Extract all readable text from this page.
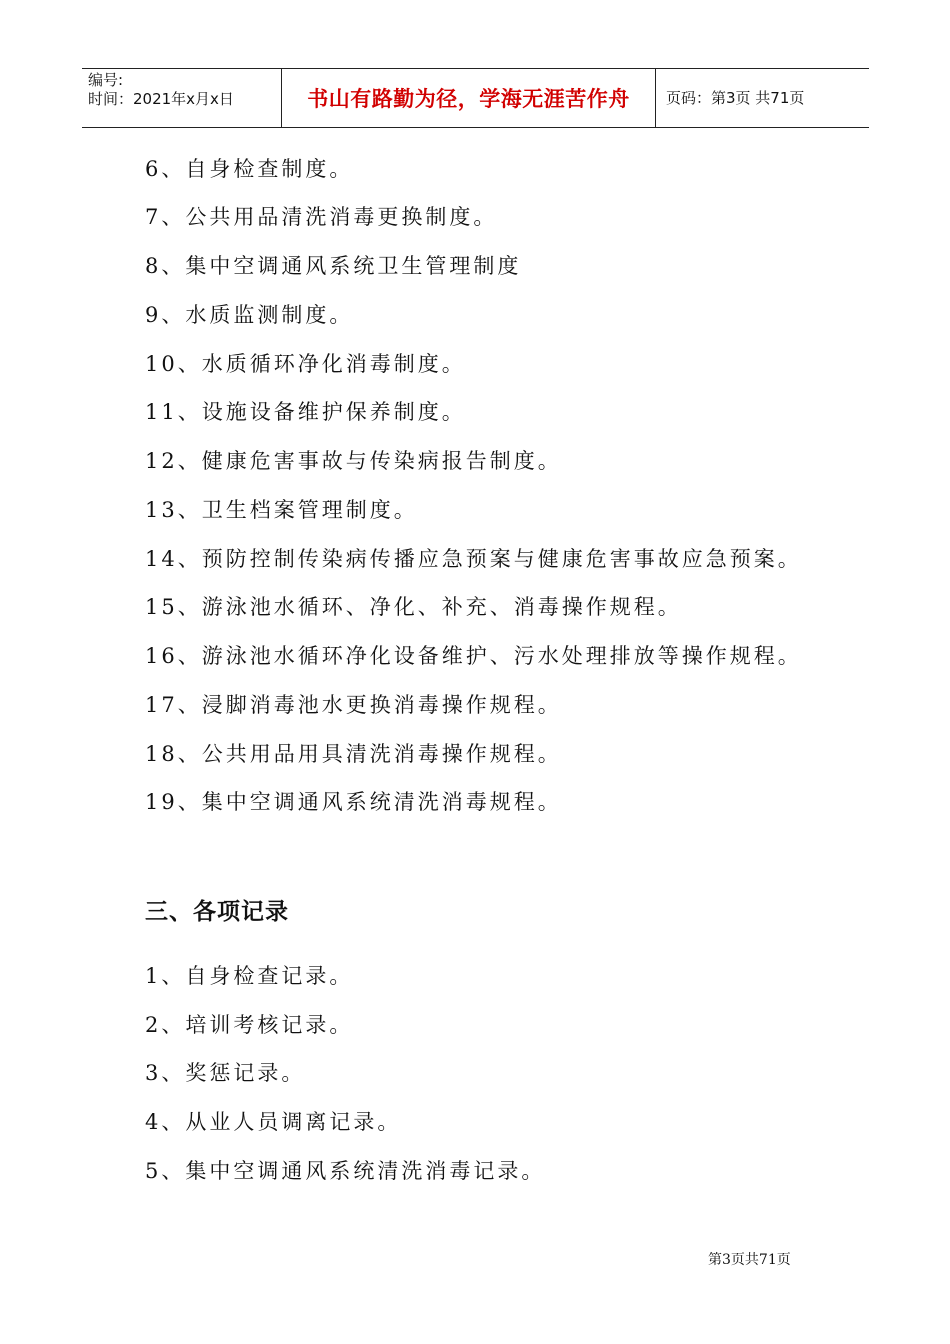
编号:
时间：2021年x月x日	书山有路勤为径，学海无涯苦作舟 页码：第3页 共71页
6、自身检查制度。
7、公共用品清洗消毒更换制度。
8、集中空调通风系统卫生管理制度
9、水质监测制度。
10、水质循环净化消毒制度。
11、设施设备维护保养制度。
12、健康危害事故与传染病报告制度。
13、卫生档案管理制度。
14、预防控制传染病传播应急预案与健康危害事故应急预案。
15、游泳池水循环、净化、补充、消毒操作规程。
16、游泳池水循环净化设备维护、污水处理排放等操作规程。
17、浸脚消毒池水更换消毒操作规程。
18、公共用品用具清洗消毒操作规程。
19、集中空调通风系统清洗消毒规程。
三、各项记录
1、自身检查记录。
2、培训考核记录。
3、奖惩记录。
4、从业人员调离记录。
5、集中空调通风系统清洗消毒记录。
第3页共71页
